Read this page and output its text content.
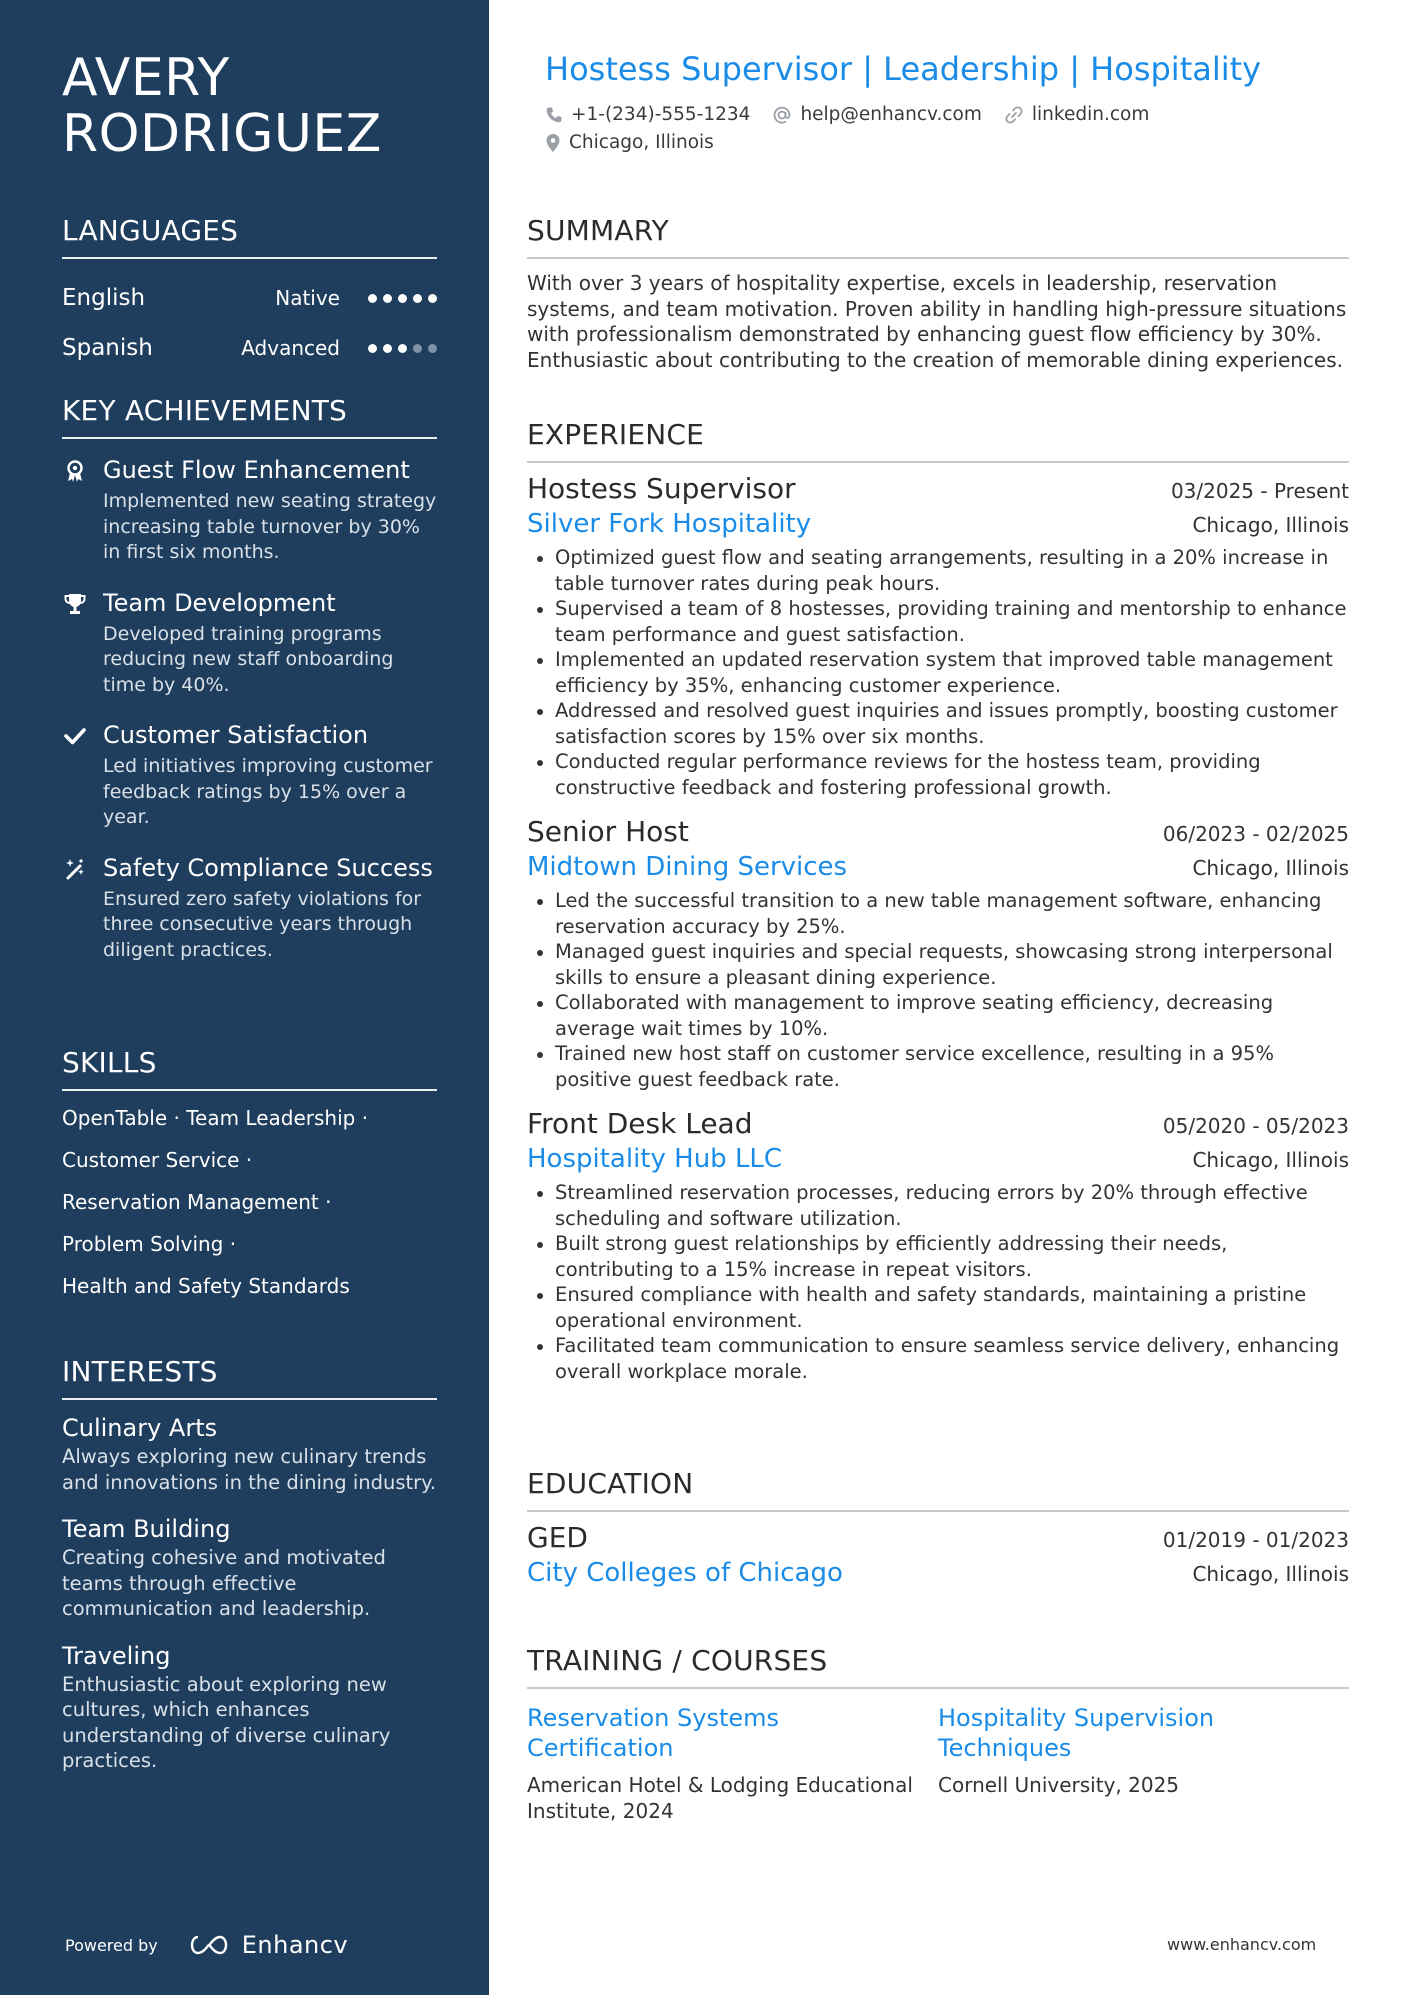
AVERY RODRIGUEZ
LANGUAGES
English	Native
Spanish	Advanced
KEY ACHIEVEMENTS
Guest Flow Enhancement
Implemented new seating strategy increasing table turnover by 30% in first six months.
Team Development
Developed training programs reducing new staff onboarding time by 40%.
Customer Satisfaction
Led initiatives improving customer feedback ratings by 15% over a year.
Safety Compliance Success
Ensured zero safety violations for three consecutive years through diligent practices.
SKILLS
OpenTable · Team Leadership ·
Customer Service ·
Reservation Management ·
Problem Solving ·
Health and Safety Standards
INTERESTS
Culinary Arts
Always exploring new culinary trends and innovations in the dining industry.
Team Building
Creating cohesive and motivated teams through effective communication and leadership.
Traveling
Enthusiastic about exploring new cultures, which enhances understanding of diverse culinary practices.
Powered by	Enhancv
Hostess Supervisor | Leadership | Hospitality
+1-(234)-555-1234	help@enhancv.com	linkedin.com
Chicago, Illinois
SUMMARY
With over 3 years of hospitality expertise, excels in leadership, reservation systems, and team motivation. Proven ability in handling high-pressure situations with professionalism demonstrated by enhancing guest flow efficiency by 30%. Enthusiastic about contributing to the creation of memorable dining experiences.
EXPERIENCE
Hostess Supervisor	03/2025 - Present
Silver Fork Hospitality	Chicago, Illinois
Optimized guest flow and seating arrangements, resulting in a 20% increase in table turnover rates during peak hours.
Supervised a team of 8 hostesses, providing training and mentorship to enhance team performance and guest satisfaction.
Implemented an updated reservation system that improved table management efficiency by 35%, enhancing customer experience.
Addressed and resolved guest inquiries and issues promptly, boosting customer satisfaction scores by 15% over six months.
Conducted regular performance reviews for the hostess team, providing constructive feedback and fostering professional growth.
Senior Host	06/2023 - 02/2025
Midtown Dining Services	Chicago, Illinois
Led the successful transition to a new table management software, enhancing reservation accuracy by 25%.
Managed guest inquiries and special requests, showcasing strong interpersonal skills to ensure a pleasant dining experience.
Collaborated with management to improve seating efficiency, decreasing average wait times by 10%.
Trained new host staff on customer service excellence, resulting in a 95% positive guest feedback rate.
Front Desk Lead	05/2020 - 05/2023
Hospitality Hub LLC	Chicago, Illinois
Streamlined reservation processes, reducing errors by 20% through effective scheduling and software utilization.
Built strong guest relationships by efficiently addressing their needs, contributing to a 15% increase in repeat visitors.
Ensured compliance with health and safety standards, maintaining a pristine operational environment.
Facilitated team communication to ensure seamless service delivery, enhancing overall workplace morale.
EDUCATION
GED	01/2019 - 01/2023
City Colleges of Chicago	Chicago, Illinois
TRAINING / COURSES
Reservation Systems Certification
American Hotel & Lodging Educational Institute, 2024
Hospitality Supervision Techniques
Cornell University, 2025
www.enhancv.com
